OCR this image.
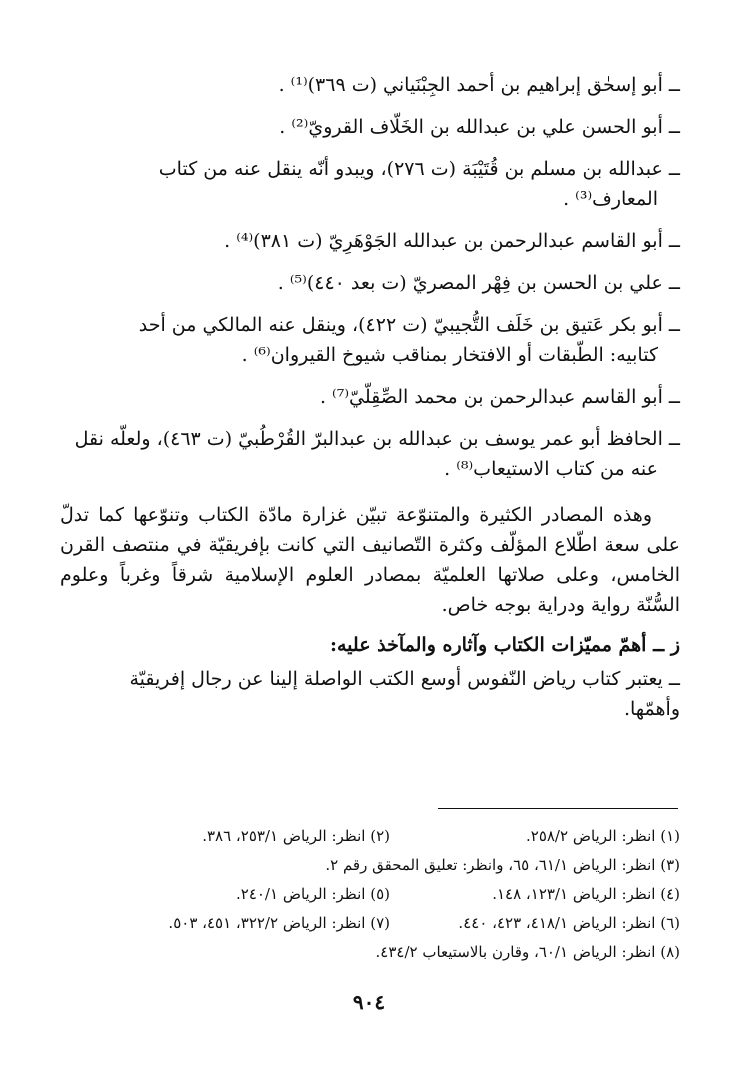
ــأبو إسحٰق إبراهيم بن أحمد الجِبْنَياني (ت ٣٦٩)⁽¹⁾ .
ــأبو الحسن علي بن عبدالله بن الخَلّاف القرويّ⁽²⁾ .
ــعبدالله بن مسلم بن قُتَيْبَة (ت ٢٧٦)، ويبدو أنّه ينقل عنه من كتاب
المعارف⁽³⁾ .
ــأبو القاسم عبدالرحمن بن عبدالله الجَوْهَرِيّ (ت ٣٨١)⁽⁴⁾ .
ــعلي بن الحسن بن فِهْر المصريّ (ت بعد ٤٤٠)⁽⁵⁾ .
ــأبو بكر عَتيق بن خَلَف التُّجيبيّ (ت ٤٢٢)، وينقل عنه المالكي من أحد
كتابيه: الطّبقات أو الافتخار بمناقب شيوخ القيروان⁽⁶⁾ .
ــأبو القاسم عبدالرحمن بن محمد الصِّقِلّيّ⁽⁷⁾ .
ــالحافظ أبو عمر يوسف بن عبدالله بن عبدالبرّ القُرْطُبيّ (ت ٤٦٣)، ولعلّه نقل
عنه من كتاب الاستيعاب⁽⁸⁾ .
وهذه المصادر الكثيرة والمتنوّعة تبيّن غزارة مادّة الكتاب وتنوّعها كما تدلّ على سعة اطّلاع المؤلّف وكثرة التّصانيف التي كانت بإفريقيّة في منتصف القرن الخامس، وعلى صلاتها العلميّة بمصادر العلوم الإسلامية شرقاً وغرباً وعلوم السُّنّة رواية ودراية بوجه خاص.
ز ــ أهمّ مميّزات الكتاب وآثاره والمآخذ عليه:
ــيعتبر كتاب رياض النّفوس أوسع الكتب الواصلة إلينا عن رجال إفريقيّة
وأهمّها.
(١) انظر: الرياض ٢٥٨/٢.
(٢) انظر: الرياض ٢٥٣/١، ٣٨٦.
(٣) انظر: الرياض ٦١/١، ٦٥، وانظر: تعليق المحقق رقم ٢.
(٤) انظر: الرياض ١٢٣/١، ١٤٨.
(٥) انظر: الرياض ٢٤٠/١.
(٦) انظر: الرياض ٤١٨/١، ٤٢٣، ٤٤٠.
(٧) انظر: الرياض ٣٢٢/٢، ٤٥١، ٥٠٣.
(٨) انظر: الرياض ٦٠/١، وقارن بالاستيعاب ٤٣٤/٢.
٩٠٤
